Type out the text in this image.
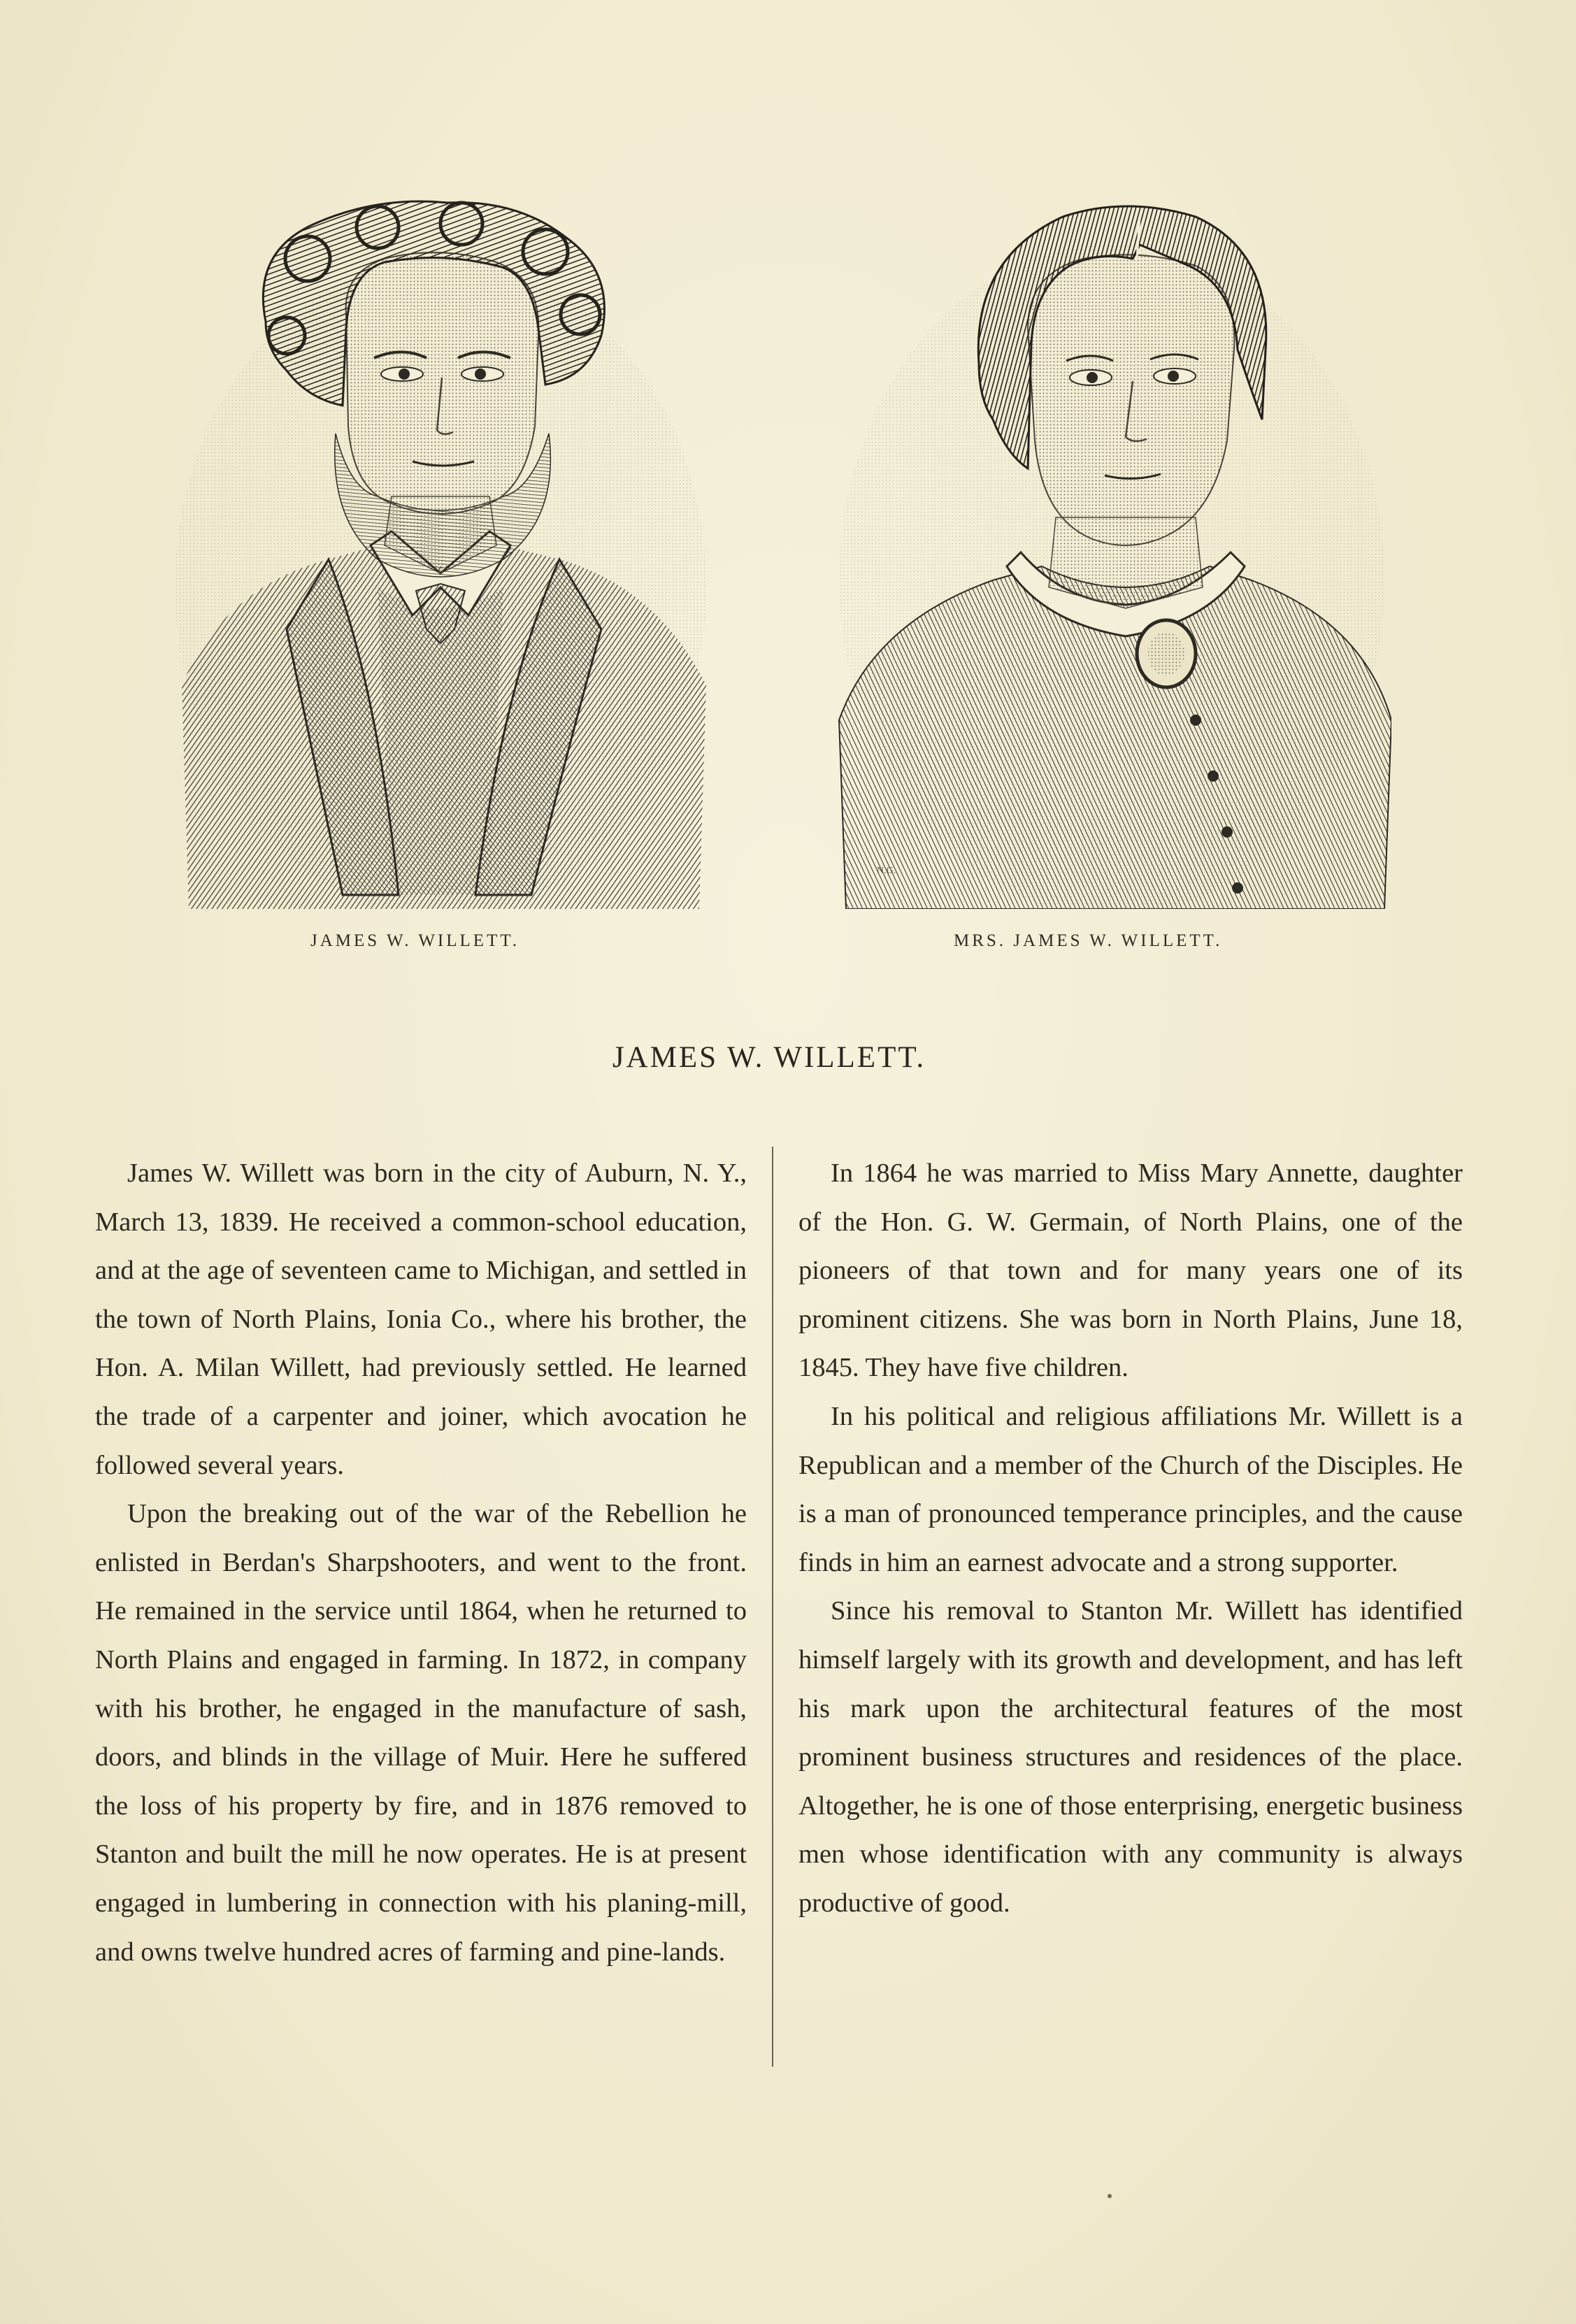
N.G.
JAMES W. WILLETT.	MRS. JAMES W. WILLETT.
JAMES W. WILLETT.

James W. Willett was born in the city of Auburn, N. Y., March 13, 1839. He received a common-school education, and at the age of seventeen came to Michigan, and settled in the town of North Plains, Ionia Co., where his brother, the Hon. A. Milan Willett, had previously settled. He learned the trade of a carpenter and joiner, which avocation he followed several years.

Upon the breaking out of the war of the Rebellion he enlisted in Berdan's Sharpshooters, and went to the front. He remained in the service until 1864, when he returned to North Plains and engaged in farming. In 1872, in company with his brother, he engaged in the manufacture of sash, doors, and blinds in the village of Muir. Here he suffered the loss of his property by fire, and in 1876 removed to Stanton and built the mill he now operates. He is at present engaged in lumbering in connection with his planing-mill, and owns twelve hundred acres of farming and pine-lands.

In 1864 he was married to Miss Mary Annette, daughter of the Hon. G. W. Germain, of North Plains, one of the pioneers of that town and for many years one of its prominent citizens. She was born in North Plains, June 18, 1845. They have five children.

In his political and religious affiliations Mr. Willett is a Republican and a member of the Church of the Disciples. He is a man of pronounced temperance principles, and the cause finds in him an earnest advocate and a strong supporter.

Since his removal to Stanton Mr. Willett has identified himself largely with its growth and development, and has left his mark upon the architectural features of the most prominent business structures and residences of the place. Altogether, he is one of those enterprising, energetic business men whose identification with any community is always productive of good.
